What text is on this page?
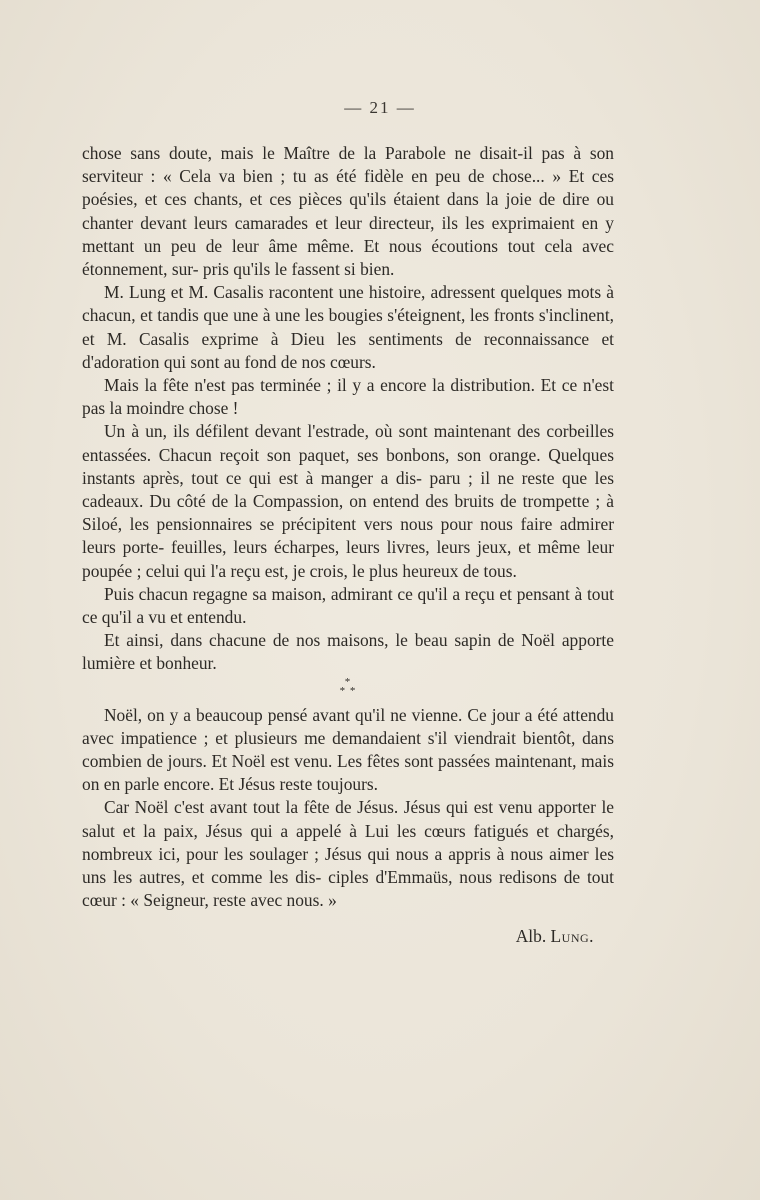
— 21 —

chose sans doute, mais le Maître de la Parabole ne disait-il pas à son serviteur : « Cela va bien ; tu as été fidèle en peu de chose... » Et ces poésies, et ces chants, et ces pièces qu'ils étaient dans la joie de dire ou chanter devant leurs camarades et leur directeur, ils les exprimaient en y mettant un peu de leur âme même. Et nous écoutions tout cela avec étonnement, sur- pris qu'ils le fassent si bien.

M. Lung et M. Casalis racontent une histoire, adressent quelques mots à chacun, et tandis que une à une les bougies s'éteignent, les fronts s'inclinent, et M. Casalis exprime à Dieu les sentiments de reconnaissance et d'adoration qui sont au fond de nos cœurs.

Mais la fête n'est pas terminée ; il y a encore la distribution. Et ce n'est pas la moindre chose !

Un à un, ils défilent devant l'estrade, où sont maintenant des corbeilles entassées. Chacun reçoit son paquet, ses bonbons, son orange. Quelques instants après, tout ce qui est à manger a dis- paru ; il ne reste que les cadeaux. Du côté de la Compassion, on entend des bruits de trompette ; à Siloé, les pensionnaires se précipitent vers nous pour nous faire admirer leurs porte- feuilles, leurs écharpes, leurs livres, leurs jeux, et même leur poupée ; celui qui l'a reçu est, je crois, le plus heureux de tous.

Puis chacun regagne sa maison, admirant ce qu'il a reçu et pensant à tout ce qu'il a vu et entendu.

Et ainsi, dans chacune de nos maisons, le beau sapin de Noël apporte lumière et bonheur.

*
* *

Noël, on y a beaucoup pensé avant qu'il ne vienne. Ce jour a été attendu avec impatience ; et plusieurs me demandaient s'il viendrait bientôt, dans combien de jours. Et Noël est venu. Les fêtes sont passées maintenant, mais on en parle encore. Et Jésus reste toujours.

Car Noël c'est avant tout la fête de Jésus. Jésus qui est venu apporter le salut et la paix, Jésus qui a appelé à Lui les cœurs fatigués et chargés, nombreux ici, pour les soulager ; Jésus qui nous a appris à nous aimer les uns les autres, et comme les dis- ciples d'Emmaüs, nous redisons de tout cœur : « Seigneur, reste avec nous. »

Alb. Lung.
